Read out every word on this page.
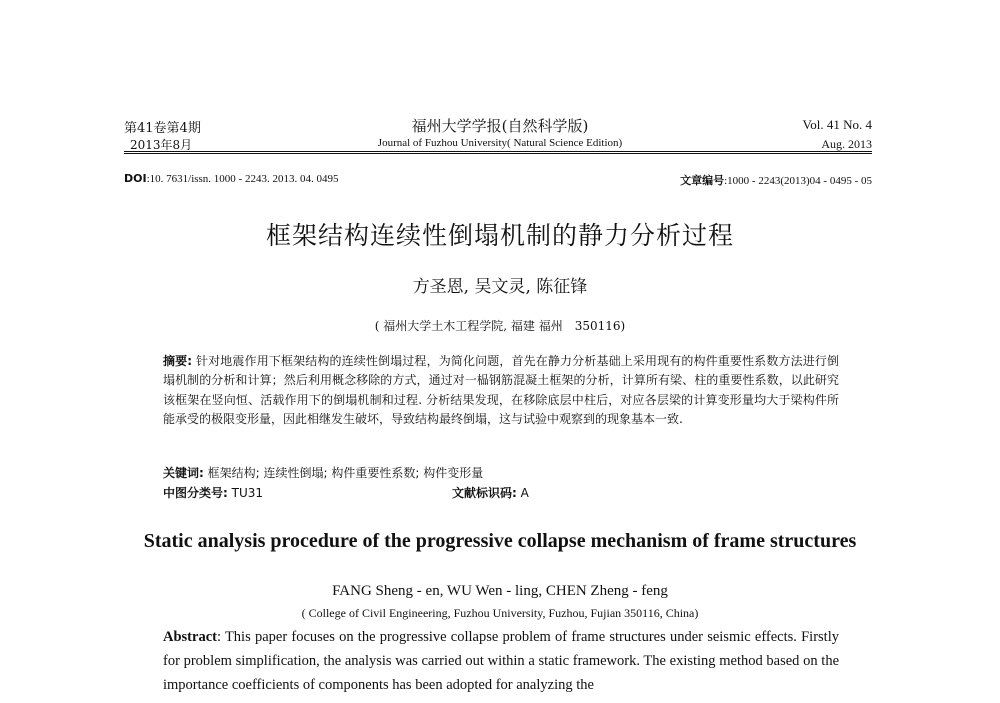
第41卷第4期	福州大学学报(自然科学版)	Vol. 41 No. 4
2013年8月	Journal of Fuzhou University( Natural Science Edition)	Aug. 2013
DOI:10. 7631/issn. 1000 - 2243. 2013. 04. 0495	文章编号:1000 - 2243(2013)04 - 0495 - 05
框架结构连续性倒塌机制的静力分析过程
方圣恩, 吴文灵, 陈征锋
( 福州大学土木工程学院, 福建 福州　350116)
摘要: 针对地震作用下框架结构的连续性倒塌过程，为简化问题，首先在静力分析基础上采用现有的构件重要性系数方法进行倒塌机制的分析和计算；然后利用概念移除的方式，通过对一榀钢筋混凝土框架的分析，计算所有梁、柱的重要性系数，以此研究该框架在竖向恒、活载作用下的倒塌机制和过程. 分析结果发现，在移除底层中柱后，对应各层梁的计算变形量均大于梁构件所能承受的极限变形量，因此相继发生破坏，导致结构最终倒塌，这与试验中观察到的现象基本一致.
关键词: 框架结构; 连续性倒塌; 构件重要性系数; 构件变形量
中图分类号: TU31	文献标识码: A
Static analysis procedure of the progressive collapse mechanism of frame structures
FANG Sheng - en, WU Wen - ling, CHEN Zheng - feng
( College of Civil Engineering, Fuzhou University, Fuzhou, Fujian 350116, China)
Abstract: This paper focuses on the progressive collapse problem of frame structures under seismic effects. Firstly for problem simplification, the analysis was carried out within a static framework. The existing method based on the importance coefficients of components has been adopted for analyzing the
